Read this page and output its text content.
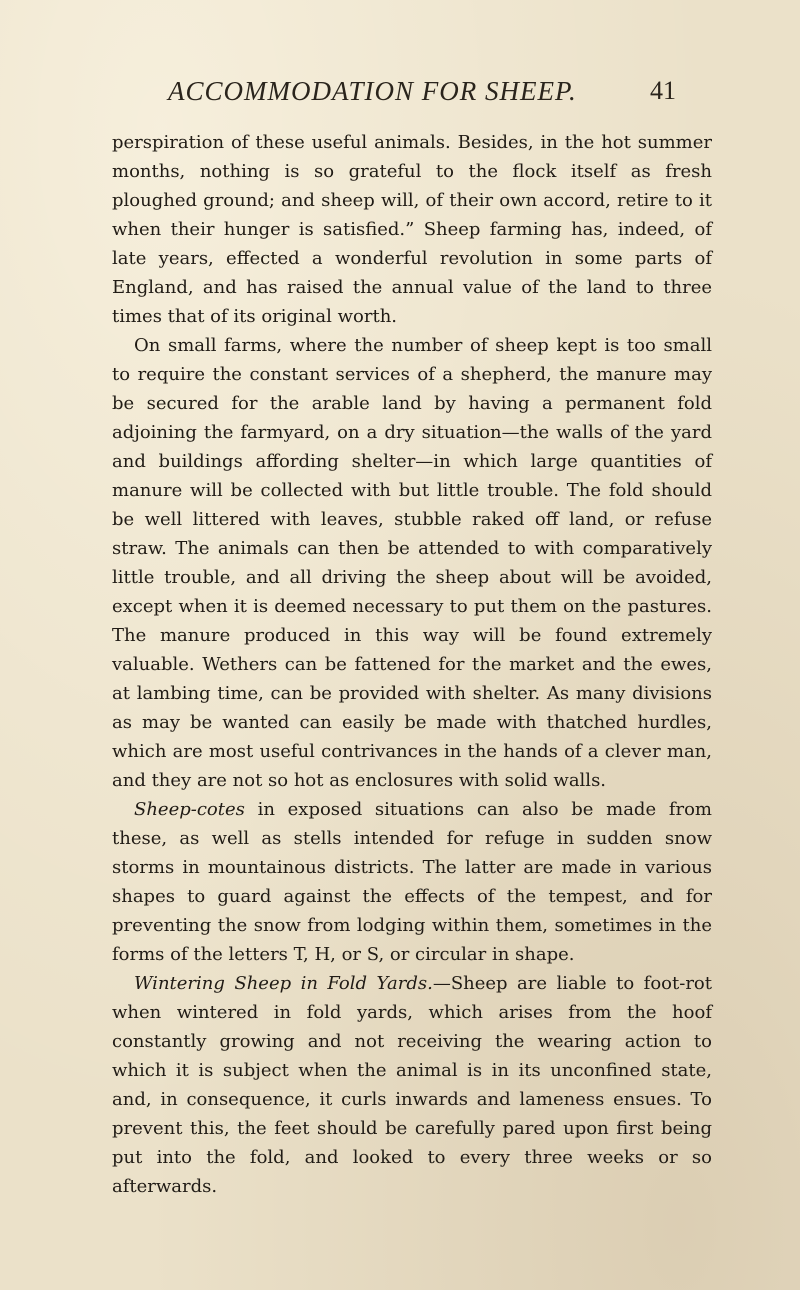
ACCOMMODATION FOR SHEEP.	41

perspiration of these useful animals. Besides, in the hot summer months, nothing is so grateful to the flock itself as fresh ploughed ground; and sheep will, of their own accord, retire to it when their hunger is satisfied.” Sheep farming has, indeed, of late years, effected a wonderful revolution in some parts of England, and has raised the annual value of the land to three times that of its original worth.

On small farms, where the number of sheep kept is too small to require the constant services of a shepherd, the manure may be secured for the arable land by having a permanent fold adjoining the farmyard, on a dry situation—the walls of the yard and buildings affording shelter—in which large quantities of manure will be collected with but little trouble. The fold should be well littered with leaves, stubble raked off land, or refuse straw. The animals can then be attended to with comparatively little trouble, and all driving the sheep about will be avoided, except when it is deemed necessary to put them on the pastures. The manure produced in this way will be found extremely valuable. Wethers can be fattened for the market and the ewes, at lambing time, can be provided with shelter. As many divisions as may be wanted can easily be made with thatched hurdles, which are most useful contrivances in the hands of a clever man, and they are not so hot as enclosures with solid walls.

Sheep-cotes in exposed situations can also be made from these, as well as stells intended for refuge in sudden snow storms in mountainous districts. The latter are made in various shapes to guard against the effects of the tempest, and for preventing the snow from lodging within them, sometimes in the forms of the letters T, H, or S, or circular in shape.

Wintering Sheep in Fold Yards.—Sheep are liable to foot-rot when wintered in fold yards, which arises from the hoof constantly growing and not receiving the wearing action to which it is subject when the animal is in its unconfined state, and, in consequence, it curls inwards and lameness ensues. To prevent this, the feet should be carefully pared upon first being put into the fold, and looked to every three weeks or so afterwards.
